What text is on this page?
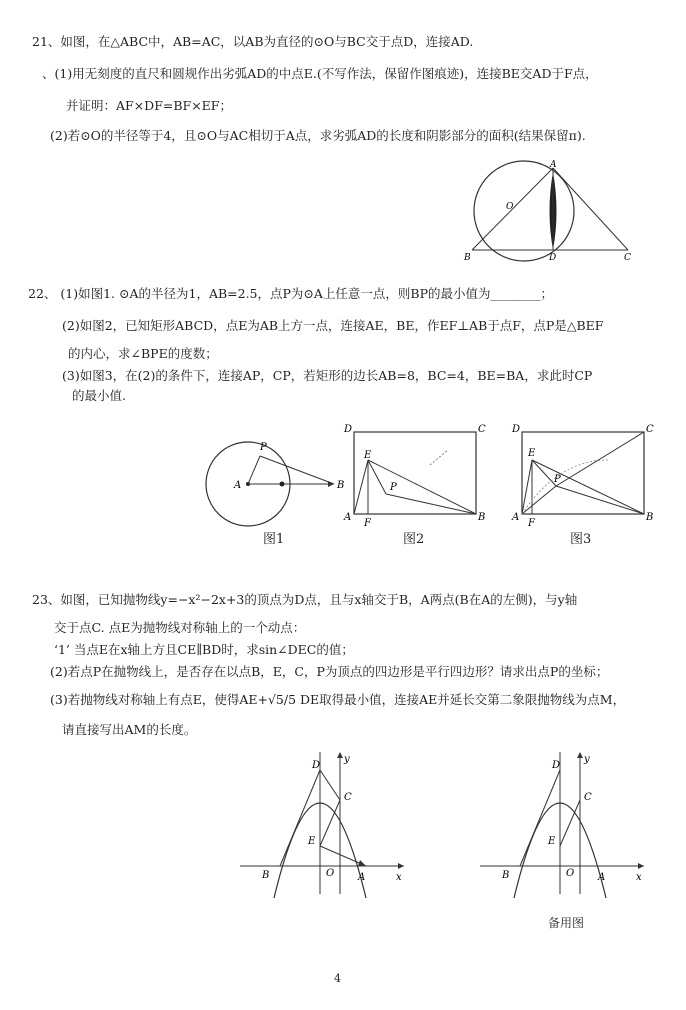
21、如图，在△ABC中，AB=AC，以AB为直径的⊙O与BC交于点D，连接AD.
、(1)用无刻度的直尺和圆规作出劣弧AD的中点E.(不写作法，保留作图痕迹)，连接BE交AD于F点，
并证明：AF×DF=BF×EF；
(2)若⊙O的半径等于4，且⊙O与AC相切于A点，求劣弧AD的长度和阴影部分的面积(结果保留π).
A
B	C
D
O
22、 (1)如图1. ⊙A的半径为1，AB=2.5，点P为⊙A上任意一点，则BP的最小值为________；
(2)如图2，已知矩形ABCD，点E为AB上方一点，连接AE，BE，作EF⊥AB于点F，点P是△BEF
的内心，求∠BPE的度数；
(3)如图3，在(2)的条件下，连接AP，CP，若矩形的边长AB=8，BC=4，BE=BA，求此时CP
的最小值.
P
A	B
D	C
E
P
A
F
B
D	C
E
P
A
F
B
图1	图2	图3
23、如图，已知抛物线y=−x²−2x+3的顶点为D点，且与x轴交于B，A两点(B在A的左侧)，与y轴
交于点C. 点E为抛物线对称轴上的一个动点：
‘1’ 当点E在x轴上方且CE∥BD时，求sin∠DEC的值；
(2)若点P在抛物线上，是否存在以点B，E，C，P为顶点的四边形是平行四边形？请求出点P的坐标；
(3)若抛物线对称轴上有点E，使得AE+√5/5 DE取得最小值，连接AE并延长交第二象限抛物线为点M，
请直接写出AM的长度。
D
y
C
E
B	O A	x
D
y
C
E
B	O A	x
备用图
4
